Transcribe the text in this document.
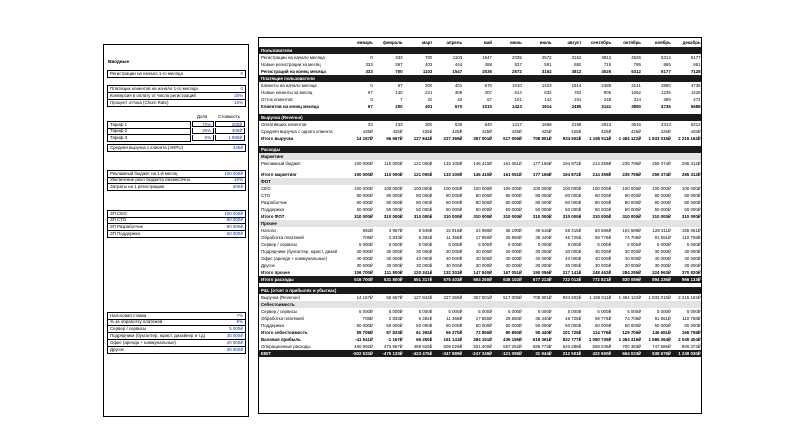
Вводные
Регистрации на начало 1-го месяца	0
Платящих клиентов на начало 1-го месяца	0
Конверсия в оплату от числа регистраций	20%
Процент оттока (Churn Rate)	10%
Доля Стоимость
Тариф 1	70%	200₽
Тариф 2	25%	400₽
Тариф 3	5%	1 990₽
Средняя выручка с клиента (ARPU)	425₽
Рекламный бюджет на 1-й месяц	100 000₽
Увеличение рекл бюджета ежемесячно	10%
Затраты на 1 регистрацию	300₽
ЗП CEO	100 000₽
ЗП CTO	80 000₽
ЗП Разработчик	80 000₽
ЗП Поддержка	50 000₽
Налоговая ставка	7%
% за обработку платежей	5%
Сервер / сервисы	5 000₽
Подрядчики (бухгалтер, юрист, дизайнер и т.д)	30 000₽
Офис (аренда + коммунальные)	40 000₽
Другое	30 000₽
январь	февраль	март	апрель	май	июнь	июль	август	сентябрь	октябрь	ноябрь	декабрь
Пользователи
Регистрации на начало месяца	0	333	700	1103	1547	2035	2572	3162	3812	4526	5312	6177
Новые регистрации за месяц	333	367	403	444	488	537	591	650	715	786	865	951
Регистраций на конец месяца	333	700	1103	1547	2035	2572	3162	3812	4526	5312	6177	7128
Платящие пользователи
Клиенты на начало месяца	0	67	200	401	670	1010	1423	1914	2485	3141	3890	4736
Новые клиенты за месяц	67	140	221	309	407	514	632	762	905	1062	1235	1426
Отток клиентов	0	7	20	40	67	101	142	191	248	314	389	474
Клиентов на конец месяца	67	200	401	670	1010	1423	1914	2485	3141	3890	4736	5688
Выручка (Revenue)
Оплативших клиентов	33	133	300	535	840	1217	1668	2199	2813	3516	4313	5212
Средняя выручка с одного клиента	425₽	425₽	425₽	425₽	425₽	425₽	425₽	425₽	425₽	425₽	425₽	425₽
Итого выручка	14 167₽	56 667₽	127 842₽	227 365₽	357 001₽	517 005₽	708 801₽	934 502₽	1 195 511₽	1 494 122₽	1 833 015₽	2 215 162₽
Расходы
Маркетинг
Рекламный бюджет	100 000₽	110 000₽	121 000₽	133 100₽	146 410₽	161 051₽	177 156₽	194 872₽	214 359₽	235 795₽	259 374₽	285 312₽
Итого маркетинг	100 000₽	110 000₽	121 000₽	133 100₽	146 410₽	161 051₽	177 156₽	194 872₽	214 359₽	235 795₽	259 374₽	285 312₽
ФОТ
CEO	100 000₽	100 000₽	100 000₽	100 000₽	100 000₽	100 000₽	100 000₽	100 000₽	100 000₽	100 000₽	100 000₽	100 000₽
CTO	80 000₽	80 000₽	80 000₽	80 000₽	80 000₽	80 000₽	80 000₽	80 000₽	80 000₽	80 000₽	80 000₽	80 000₽
Разработчик	80 000₽	80 000₽	80 000₽	80 000₽	80 000₽	80 000₽	80 000₽	80 000₽	80 000₽	80 000₽	80 000₽	80 000₽
Поддержка	50 000₽	50 000₽	50 000₽	50 000₽	50 000₽	50 000₽	50 000₽	50 000₽	50 000₽	50 000₽	50 000₽	50 000₽
Итого ФОТ	310 000₽	310 000₽	310 000₽	310 000₽	310 000₽	310 000₽	310 000₽	310 000₽	310 000₽	310 000₽	310 000₽	310 000₽
Прочее
Налоги	992₽	3 967₽	8 949₽	15 916₽	24 990₽	36 190₽	49 616₽	65 415₽	83 686₽	104 589₽	128 311₽	155 061₽
Обработка платежей	708₽	2 833₽	6 392₽	11 368₽	17 850₽	25 850₽	35 440₽	46 725₽	59 776₽	74 706₽	91 651₽	110 758₽
Сервер / сервисы	5 000₽	5 000₽	5 000₽	5 000₽	5 000₽	5 000₽	5 000₽	5 000₽	5 000₽	5 000₽	5 000₽	5 000₽
Подрядчики (бухгалтер, юрист, дизай	30 000₽	30 000₽	30 000₽	30 000₽	30 000₽	30 000₽	30 000₽	30 000₽	30 000₽	30 000₽	30 000₽	30 000₽
Офис (аренда + коммунальные)	40 000₽	40 000₽	40 000₽	40 000₽	40 000₽	40 000₽	40 000₽	40 000₽	40 000₽	40 000₽	40 000₽	40 000₽
Другое	30 000₽	30 000₽	30 000₽	30 000₽	30 000₽	30 000₽	30 000₽	30 000₽	30 000₽	30 000₽	30 000₽	30 000₽
Итого прочее	106 700₽	111 800₽	120 341₽	132 303₽	147 840₽	167 051₽	190 056₽	217 141₽	248 462₽	284 295₽	324 963₽	370 820₽
Итого расходы	516 700₽	531 800₽	551 317₽	575 403₽	604 250₽	638 102₽	677 213₽	722 013₽	772 821₽	830 089₽	894 336₽	966 133₽
P&L (отчет о прибылях и убытках)
Выручка (Revenue)	14 167₽	56 667₽	127 842₽	227 365₽	357 001₽	517 005₽	708 801₽	934 502₽	1 195 511₽	1 494 122₽	1 833 015₽	2 215 162₽
Себестоимость
Сервер / сервисы	5 000₽	5 000₽	5 000₽	5 000₽	5 000₽	5 000₽	5 000₽	5 000₽	5 000₽	5 000₽	5 000₽	5 000₽
Обработка платежей	708₽	2 833₽	6 392₽	11 368₽	17 850₽	25 850₽	35 440₽	46 725₽	59 776₽	74 706₽	91 651₽	110 758₽
Поддержка	50 000₽	50 000₽	50 000₽	50 000₽	50 000₽	50 000₽	50 000₽	50 000₽	50 000₽	50 000₽	50 000₽	50 000₽
Итого себестоимость	55 708₽	57 833₽	61 392₽	66 370₽	72 850₽	80 850₽	90 440₽	101 725₽	114 776₽	129 706₽	146 651₽	165 758₽
Валовая прибыль	-41 541₽	-1 167₽	66 450₽	161 141₽	284 151₽	436 155₽	618 361₽	832 777₽	1 080 735₽	1 364 416₽	1 686 364₽	2 049 404₽
Операционные расходы	460 992₽	473 967₽	489 925₽	509 029₽	531 400₽	557 252₽	586 773₽	620 288₽	658 045₽	700 383₽	747 686₽	800 374₽
EBIT	-502 533₽	-475 133₽	-423 475₽	-347 889₽	-247 249₽	-121 098₽	31 944₽	212 503₽	422 690₽	664 033₽	938 678₽	1 249 030₽
